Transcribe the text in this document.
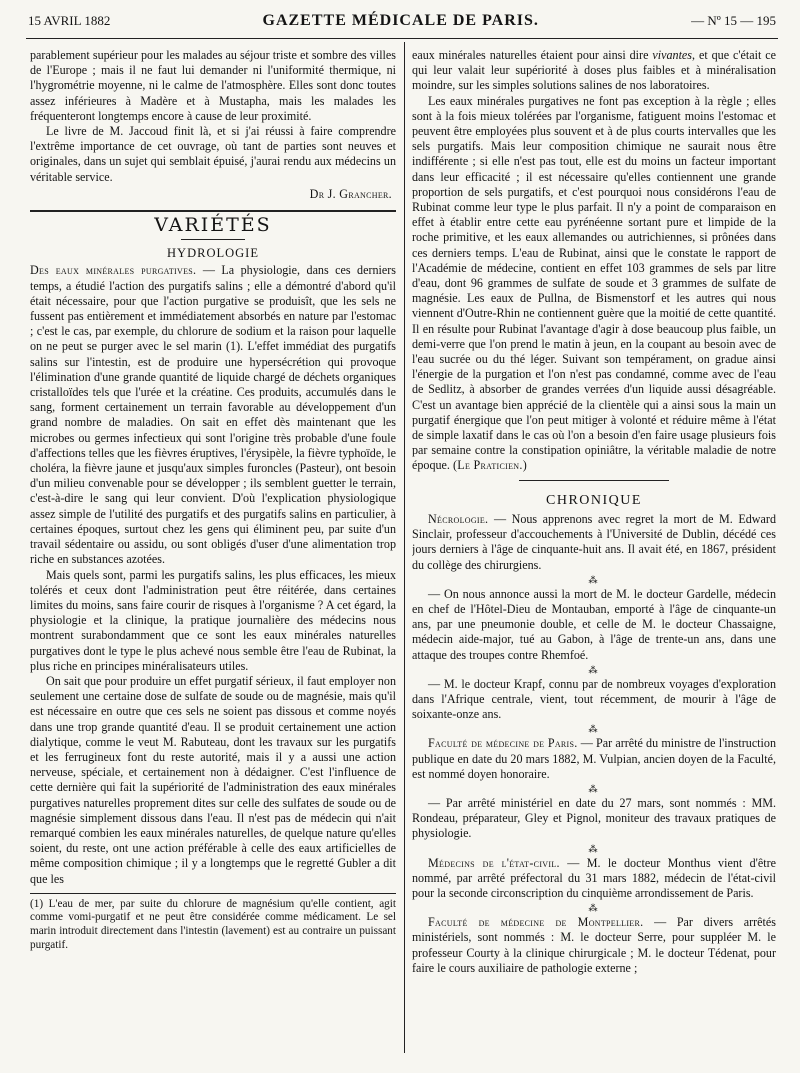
15 AVRIL 1882	GAZETTE MÉDICALE DE PARIS.	— Nº 15 — 195

parablement supérieur pour les malades au séjour triste et sombre des villes de l'Europe ; mais il ne faut lui demander ni l'uniformité thermique, ni l'hygrométrie moyenne, ni le calme de l'atmosphère. Elles sont donc toutes assez inférieures à Madère et à Mustapha, mais les malades les fréquenteront longtemps encore à cause de leur proximité.

Le livre de M. Jaccoud finit là, et si j'ai réussi à faire comprendre l'extrême importance de cet ouvrage, où tant de parties sont neuves et originales, dans un sujet qui semblait épuisé, j'aurai rendu aux médecins un véritable service.

Dr J. Grancher.
VARIÉTÉS
HYDROLOGIE

Des eaux minérales purgatives. — La physiologie, dans ces derniers temps, a étudié l'action des purgatifs salins ; elle a démontré d'abord qu'il était nécessaire, pour que l'action purgative se produisît, que les sels ne fussent pas entièrement et immédiatement absorbés en nature par l'estomac ; c'est le cas, par exemple, du chlorure de sodium et la raison pour laquelle on ne peut se purger avec le sel marin (1). L'effet immédiat des purgatifs salins sur l'intestin, est de produire une hypersécrétion qui provoque l'élimination d'une grande quantité de liquide chargé de déchets organiques cristalloïdes tels que l'urée et la créatine. Ces produits, accumulés dans le sang, forment certainement un terrain favorable au développement d'un grand nombre de maladies. On sait en effet dès maintenant que les microbes ou germes infectieux qui sont l'origine très probable d'une foule d'affections telles que les fièvres éruptives, l'érysipèle, la fièvre typhoïde, le choléra, la fièvre jaune et jusqu'aux simples furoncles (Pasteur), ont besoin d'un milieu convenable pour se développer ; ils semblent guetter le terrain, c'est-à-dire le sang qui leur convient. D'où l'explication physiologique assez simple de l'utilité des purgatifs et des purgatifs salins en particulier, à certaines époques, surtout chez les gens qui éliminent peu, par suite d'un travail sédentaire ou assidu, ou sont obligés d'user d'une alimentation trop riche en substances azotées.

Mais quels sont, parmi les purgatifs salins, les plus efficaces, les mieux tolérés et ceux dont l'administration peut être réitérée, dans certaines limites du moins, sans faire courir de risques à l'organisme ? A cet égard, la physiologie et la clinique, la pratique journalière des médecins nous montrent surabondamment que ce sont les eaux minérales naturelles purgatives dont le type le plus achevé nous semble être l'eau de Rubinat, la plus riche en principes minéralisateurs utiles.

On sait que pour produire un effet purgatif sérieux, il faut employer non seulement une certaine dose de sulfate de soude ou de magnésie, mais qu'il est nécessaire en outre que ces sels ne soient pas dissous et comme noyés dans une trop grande quantité d'eau. Il se produit certainement une action dialytique, comme le veut M. Rabuteau, dont les travaux sur les purgatifs et les ferrugineux font du reste autorité, mais il y a aussi une action nerveuse, spéciale, et certainement non à dédaigner. C'est l'influence de cette dernière qui fait la supériorité de l'administration des eaux minérales purgatives naturelles proprement dites sur celle des sulfates de soude ou de magnésie simplement dissous dans l'eau. Il n'est pas de médecin qui n'ait remarqué combien les eaux minérales naturelles, de quelque nature qu'elles soient, du reste, ont une action préférable à celle des eaux artificielles de même composition chimique ; il y a longtemps que le regretté Gubler a dit que les

(1) L'eau de mer, par suite du chlorure de magnésium qu'elle contient, agit comme vomi-purgatif et ne peut être considérée comme médicament. Le sel marin introduit directement dans l'intestin (lavement) est au contraire un puissant purgatif.

eaux minérales naturelles étaient pour ainsi dire vivantes, et que c'était ce qui leur valait leur supériorité à doses plus faibles et à minéralisation moindre, sur les simples solutions salines de nos laboratoires.

Les eaux minérales purgatives ne font pas exception à la règle ; elles sont à la fois mieux tolérées par l'organisme, fatiguent moins l'estomac et peuvent être employées plus souvent et à de plus courts intervalles que les sels purgatifs. Mais leur composition chimique ne saurait nous être indifférente ; si elle n'est pas tout, elle est du moins un facteur important dans leur efficacité ; il est nécessaire qu'elles contiennent une grande proportion de sels purgatifs, et c'est pourquoi nous considérons l'eau de Rubinat comme leur type le plus parfait. Il n'y a point de comparaison en effet à établir entre cette eau pyrénéenne sortant pure et limpide de la roche primitive, et les eaux allemandes ou autrichiennes, si prônées dans ces derniers temps. L'eau de Rubinat, ainsi que le constate le rapport de l'Académie de médecine, contient en effet 103 grammes de sels par litre d'eau, dont 96 grammes de sulfate de soude et 3 grammes de sulfate de magnésie. Les eaux de Pullna, de Bismenstorf et les autres qui nous viennent d'Outre-Rhin ne contiennent guère que la moitié de cette quantité. Il en résulte pour Rubinat l'avantage d'agir à dose beaucoup plus faible, un demi-verre que l'on prend le matin à jeun, en la coupant au besoin avec de l'eau sucrée ou du thé léger. Suivant son tempérament, on gradue ainsi l'énergie de la purgation et l'on n'est pas condamné, comme avec de l'eau de Sedlitz, à absorber de grandes verrées d'un liquide aussi désagréable. C'est un avantage bien apprécié de la clientèle qui a ainsi sous la main un purgatif énergique que l'on peut mitiger à volonté et réduire même à l'état de simple laxatif dans le cas où l'on a besoin d'en faire usage plusieurs fois par semaine contre la constipation opiniâtre, la véritable maladie de notre époque. (Le Praticien.)

CHRONIQUE

Nécrologie. — Nous apprenons avec regret la mort de M. Edward Sinclair, professeur d'accouchements à l'Université de Dublin, décédé ces jours derniers à l'âge de cinquante-huit ans. Il avait été, en 1867, président du collège des chirurgiens.

⁂

— On nous annonce aussi la mort de M. le docteur Gardelle, médecin en chef de l'Hôtel-Dieu de Montauban, emporté à l'âge de cinquante-un ans, par une pneumonie double, et celle de M. le docteur Chassaigne, médecin aide-major, tué au Gabon, à l'âge de trente-un ans, dans une attaque des troupes contre Rhemfoé.

⁂

— M. le docteur Krapf, connu par de nombreux voyages d'exploration dans l'Afrique centrale, vient, tout récemment, de mourir à l'âge de soixante-onze ans.

⁂

Faculté de médecine de Paris. — Par arrêté du ministre de l'instruction publique en date du 20 mars 1882, M. Vulpian, ancien doyen de la Faculté, est nommé doyen honoraire.

⁂

— Par arrêté ministériel en date du 27 mars, sont nommés : MM. Rondeau, préparateur, Gley et Pignol, moniteur des travaux pratiques de physiologie.

⁂

Médecins de l'état-civil. — M. le docteur Monthus vient d'être nommé, par arrêté préfectoral du 31 mars 1882, médecin de l'état-civil pour la seconde circonscription du cinquième arrondissement de Paris.

⁂

Faculté de médecine de Montpellier. — Par divers arrêtés ministériels, sont nommés : M. le docteur Serre, pour suppléer M. le professeur Courty à la clinique chirurgicale ; M. le docteur Tédenat, pour faire le cours auxiliaire de pathologie externe ;
